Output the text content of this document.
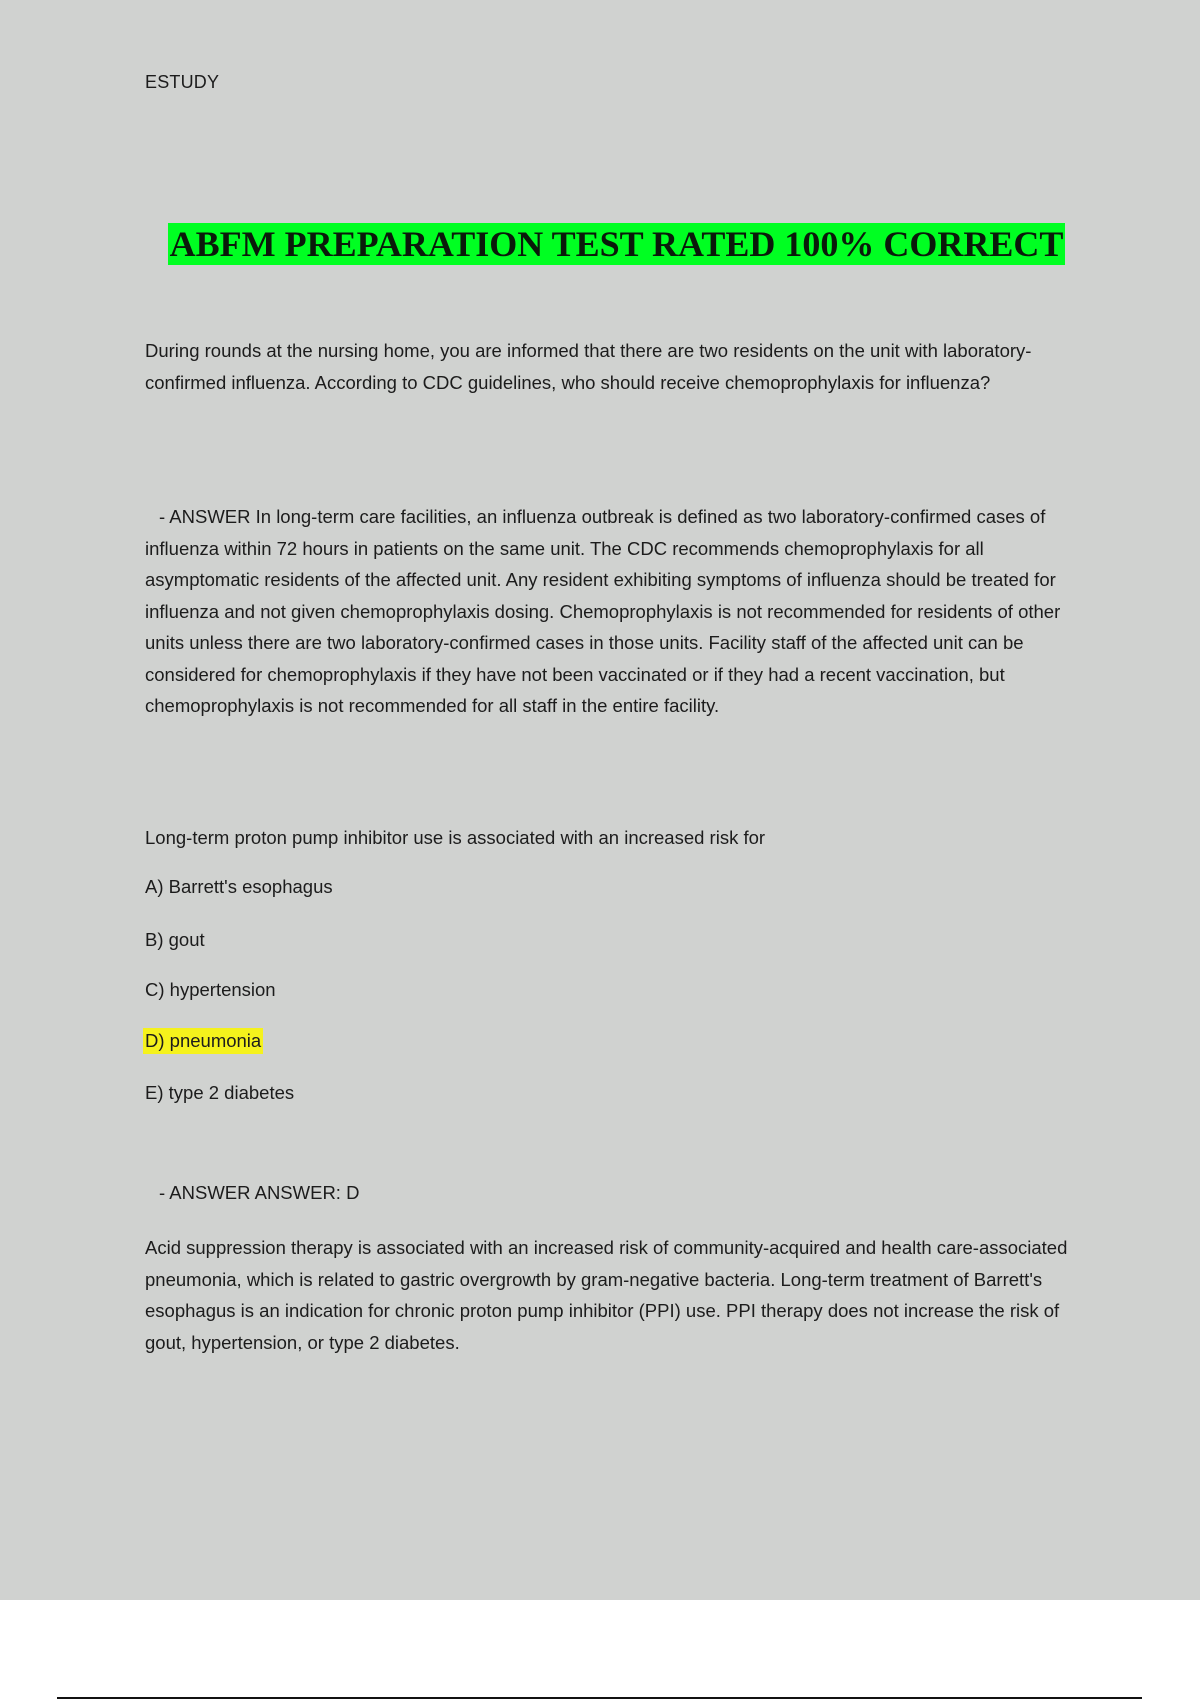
ESTUDY
ABFM PREPARATION TEST RATED 100% CORRECT

During rounds at the nursing home, you are informed that there are two residents on the unit with laboratory-confirmed influenza. According to CDC guidelines, who should receive chemoprophylaxis for influenza?

- ANSWER In long-term care facilities, an influenza outbreak is defined as two laboratory-confirmed cases of influenza within 72 hours in patients on the same unit. The CDC recommends chemoprophylaxis for all asymptomatic residents of the affected unit. Any resident exhibiting symptoms of influenza should be treated for influenza and not given chemoprophylaxis dosing. Chemoprophylaxis is not recommended for residents of other units unless there are two laboratory-confirmed cases in those units. Facility staff of the affected unit can be considered for chemoprophylaxis if they have not been vaccinated or if they had a recent vaccination, but chemoprophylaxis is not recommended for all staff in the entire facility.

Long-term proton pump inhibitor use is associated with an increased risk for

A) Barrett's esophagus
B) gout
C) hypertension
D) pneumonia
E) type 2 diabetes
- ANSWER ANSWER: D

Acid suppression therapy is associated with an increased risk of community-acquired and health care-associated pneumonia, which is related to gastric overgrowth by gram-negative bacteria. Long-term treatment of Barrett's esophagus is an indication for chronic proton pump inhibitor (PPI) use. PPI therapy does not increase the risk of gout, hypertension, or type 2 diabetes.
